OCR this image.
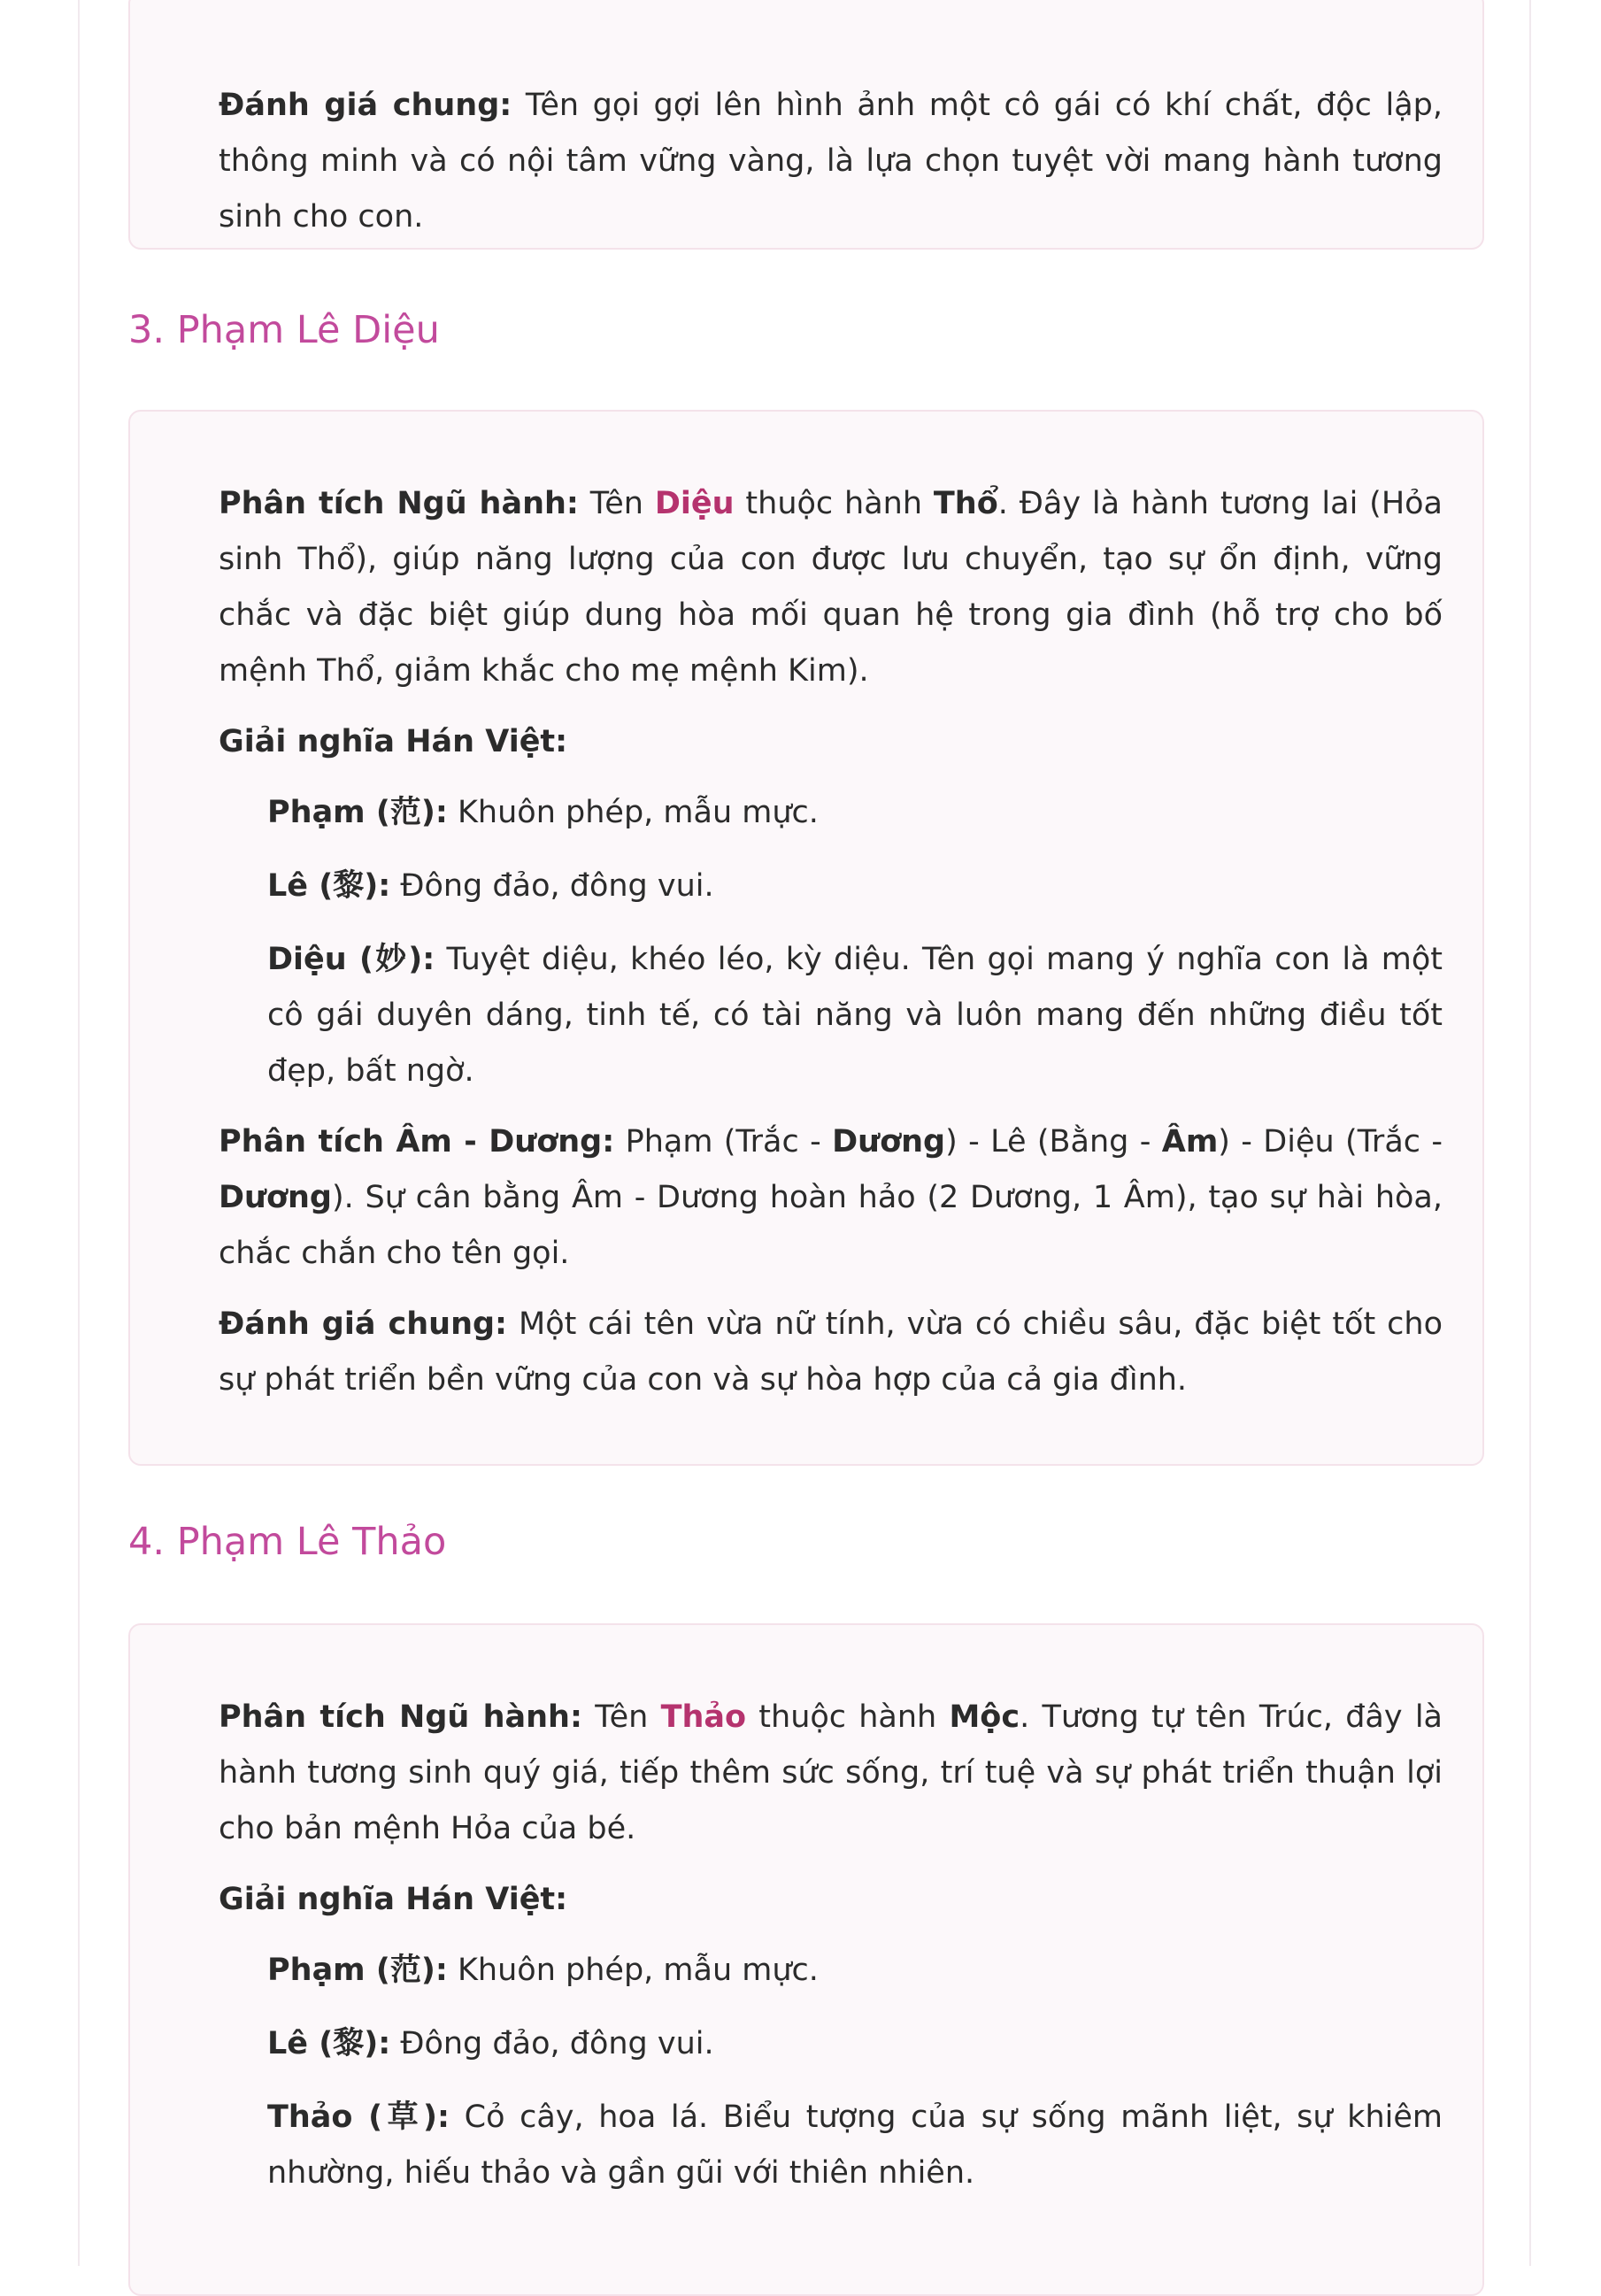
Đánh giá chung: Tên gọi gợi lên hình ảnh một cô gái có khí chất, độc lập, thông minh và có nội tâm vững vàng, là lựa chọn tuyệt vời mang hành tương sinh cho con.

3. Phạm Lê Diệu

Phân tích Ngũ hành: Tên Diệu thuộc hành Thổ. Đây là hành tương lai (Hỏa sinh Thổ), giúp năng lượng của con được lưu chuyển, tạo sự ổn định, vững chắc và đặc biệt giúp dung hòa mối quan hệ trong gia đình (hỗ trợ cho bố mệnh Thổ, giảm khắc cho mẹ mệnh Kim).

Giải nghĩa Hán Việt:

Phạm (范): Khuôn phép, mẫu mực.

Lê (黎): Đông đảo, đông vui.

Diệu (妙): Tuyệt diệu, khéo léo, kỳ diệu. Tên gọi mang ý nghĩa con là một cô gái duyên dáng, tinh tế, có tài năng và luôn mang đến những điều tốt đẹp, bất ngờ.

Phân tích Âm - Dương: Phạm (Trắc - Dương) - Lê (Bằng - Âm) - Diệu (Trắc - Dương). Sự cân bằng Âm - Dương hoàn hảo (2 Dương, 1 Âm), tạo sự hài hòa, chắc chắn cho tên gọi.

Đánh giá chung: Một cái tên vừa nữ tính, vừa có chiều sâu, đặc biệt tốt cho sự phát triển bền vững của con và sự hòa hợp của cả gia đình.

4. Phạm Lê Thảo

Phân tích Ngũ hành: Tên Thảo thuộc hành Mộc. Tương tự tên Trúc, đây là hành tương sinh quý giá, tiếp thêm sức sống, trí tuệ và sự phát triển thuận lợi cho bản mệnh Hỏa của bé.

Giải nghĩa Hán Việt:

Phạm (范): Khuôn phép, mẫu mực.

Lê (黎): Đông đảo, đông vui.

Thảo (草): Cỏ cây, hoa lá. Biểu tượng của sự sống mãnh liệt, sự khiêm nhường, hiếu thảo và gần gũi với thiên nhiên.
